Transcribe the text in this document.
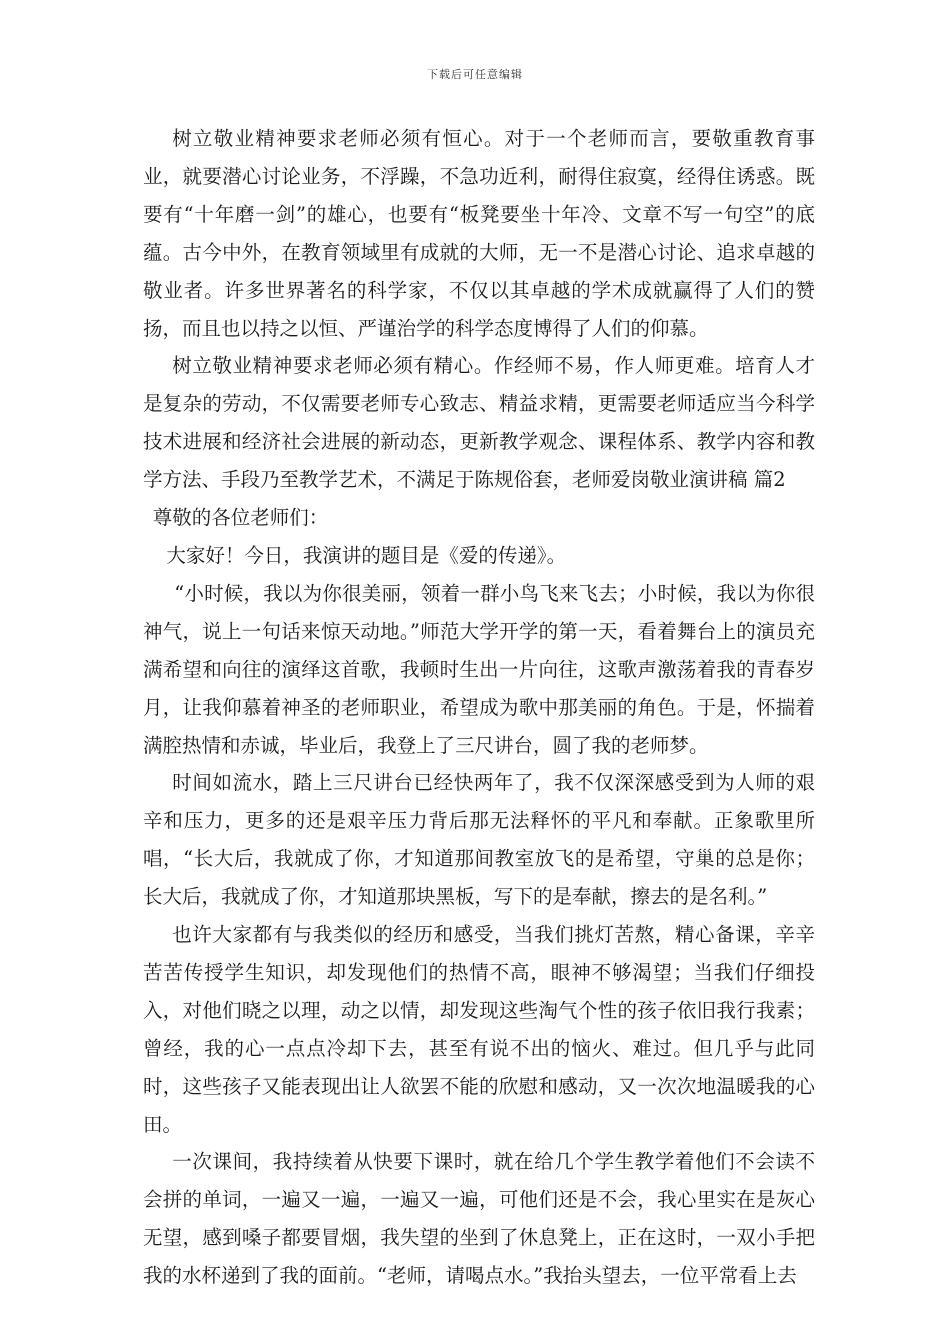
下载后可任意编辑

树立敬业精神要求老师必须有恒心。对于一个老师而言，要敬重教育事业，就要潜心讨论业务，不浮躁，不急功近利，耐得住寂寞，经得住诱惑。既要有“十年磨一剑”的雄心，也要有“板凳要坐十年冷、文章不写一句空”的底蕴。古今中外，在教育领域里有成就的大师，无一不是潜心讨论、追求卓越的敬业者。许多世界著名的科学家，不仅以其卓越的学术成就赢得了人们的赞扬，而且也以持之以恒、严谨治学的科学态度博得了人们的仰慕。

树立敬业精神要求老师必须有精心。作经师不易，作人师更难。培育人才是复杂的劳动，不仅需要老师专心致志、精益求精，更需要老师适应当今科学技术进展和经济社会进展的新动态，更新教学观念、课程体系、教学内容和教学方法、手段乃至教学艺术，不满足于陈规俗套，老师爱岗敬业演讲稿 篇2

尊敬的各位老师们：

大家好！今日，我演讲的题目是《爱的传递》。

“小时候，我以为你很美丽，领着一群小鸟飞来飞去；小时候，我以为你很神气，说上一句话来惊天动地。”师范大学开学的第一天，看着舞台上的演员充满希望和向往的演绎这首歌，我顿时生出一片向往，这歌声激荡着我的青春岁月，让我仰慕着神圣的老师职业，希望成为歌中那美丽的角色。于是，怀揣着满腔热情和赤诚，毕业后，我登上了三尺讲台，圆了我的老师梦。

时间如流水，踏上三尺讲台已经快两年了，我不仅深深感受到为人师的艰辛和压力，更多的还是艰辛压力背后那无法释怀的平凡和奉献。正象歌里所唱，“长大后，我就成了你，才知道那间教室放飞的是希望，守巢的总是你；长大后，我就成了你，才知道那块黑板，写下的是奉献，擦去的是名利。”

也许大家都有与我类似的经历和感受，当我们挑灯苦熬，精心备课，辛辛苦苦传授学生知识，却发现他们的热情不高，眼神不够渴望；当我们仔细投入，对他们晓之以理，动之以情，却发现这些淘气个性的孩子依旧我行我素；曾经，我的心一点点冷却下去，甚至有说不出的恼火、难过。但几乎与此同时，这些孩子又能表现出让人欲罢不能的欣慰和感动，又一次次地温暖我的心田。

一次课间，我持续着从快要下课时，就在给几个学生教学着他们不会读不会拼的单词，一遍又一遍，一遍又一遍，可他们还是不会，我心里实在是灰心无望，感到嗓子都要冒烟，我失望的坐到了休息凳上，正在这时，一双小手把我的水杯递到了我的面前。“老师，请喝点水。”我抬头望去，一位平常看上去
